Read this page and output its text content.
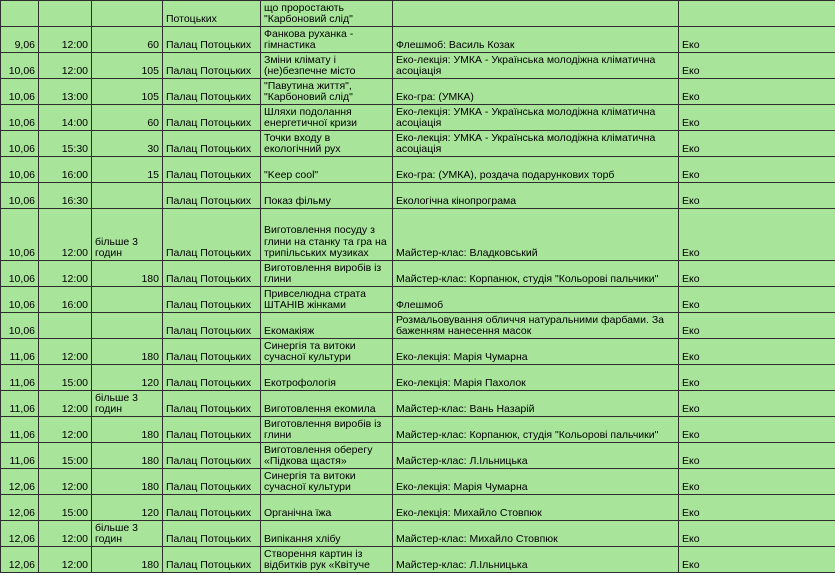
			Потоцьких	що проростають "Карбоновий слід"			
9,06	12:00	60	Палац Потоцьких	Фанкова руханка - гімнастика	Флешмоб: Василь Козак	Еко	
10,06	12:00	105	Палац Потоцьких	Зміни клімату і (не)безпечне місто	Еко-лекція: УМКА - Українська молодіжна кліматична асоціація	Еко	
10,06	13:00	105	Палац Потоцьких	"Павутина життя", "Карбоновий слід"	Еко-гра: (УМКА)	Еко	
10,06	14:00	60	Палац Потоцьких	Шляхи подолання енергетичної кризи	Еко-лекція: УМКА - Українська молодіжна кліматична асоціація	Еко	
10,06	15:30	30	Палац Потоцьких	Точки входу в екологічний рух	Еко-лекція: УМКА - Українська молодіжна кліматична асоціація	Еко	
10,06	16:00	15	Палац Потоцьких	"Keep cool"	Еко-гра: (УМКА), роздача подарункових торб	Еко	
10,06	16:30		Палац Потоцьких	Показ фільму	Екологічна кінопрограма	Еко	
10,06	12:00	більше 3 годин	Палац Потоцьких	Виготовлення посуду з глини на станку та гра на трипільських музиках	Майстер-клас: Владковський	Еко	
10,06	12:00	180	Палац Потоцьких	Виготовлення виробів із глини	Майстер-клас: Корпанюк, студія "Кольорові пальчики"	Еко	
10,06	16:00		Палац Потоцьких	Привселюдна страта ШТАНІВ жінками	Флешмоб	Еко	
10,06			Палац Потоцьких	Екомакіяж	Розмальовування обличчя натуральними фарбами. За баженням нанесення масок	Еко	
11,06	12:00	180	Палац Потоцьких	Синергія та витоки сучасної культури	Еко-лекція: Марія Чумарна	Еко	
11,06	15:00	120	Палац Потоцьких	Екотрофологія	Еко-лекція: Марія Пахолок	Еко	
11,06	12:00	більше 3 годин	Палац Потоцьких	Виготовлення екомила	Майстер-клас: Вань Назарій	Еко	
11,06	12:00	180	Палац Потоцьких	Виготовлення виробів із глини	Майстер-клас: Корпанюк, студія "Кольорові пальчики"	Еко	
11,06	15:00	180	Палац Потоцьких	Виготовлення оберегу «Підкова щастя»	Майстер-клас: Л.Ільницька	Еко	
12,06	12:00	180	Палац Потоцьких	Синергія та витоки сучасної культури	Еко-лекція: Марія Чумарна	Еко	
12,06	15:00	120	Палац Потоцьких	Органічна їжа	Еко-лекція: Михайло Стовпюк	Еко	
12,06	12:00	більше 3 годин	Палац Потоцьких	Випікання хлібу	Майстер-клас: Михайло Стовпюк	Еко	
12,06	12:00	180	Палац Потоцьких	Створення картин із відбитків рук «Квітуче	Майстер-клас: Л.Ільницька	Еко	
